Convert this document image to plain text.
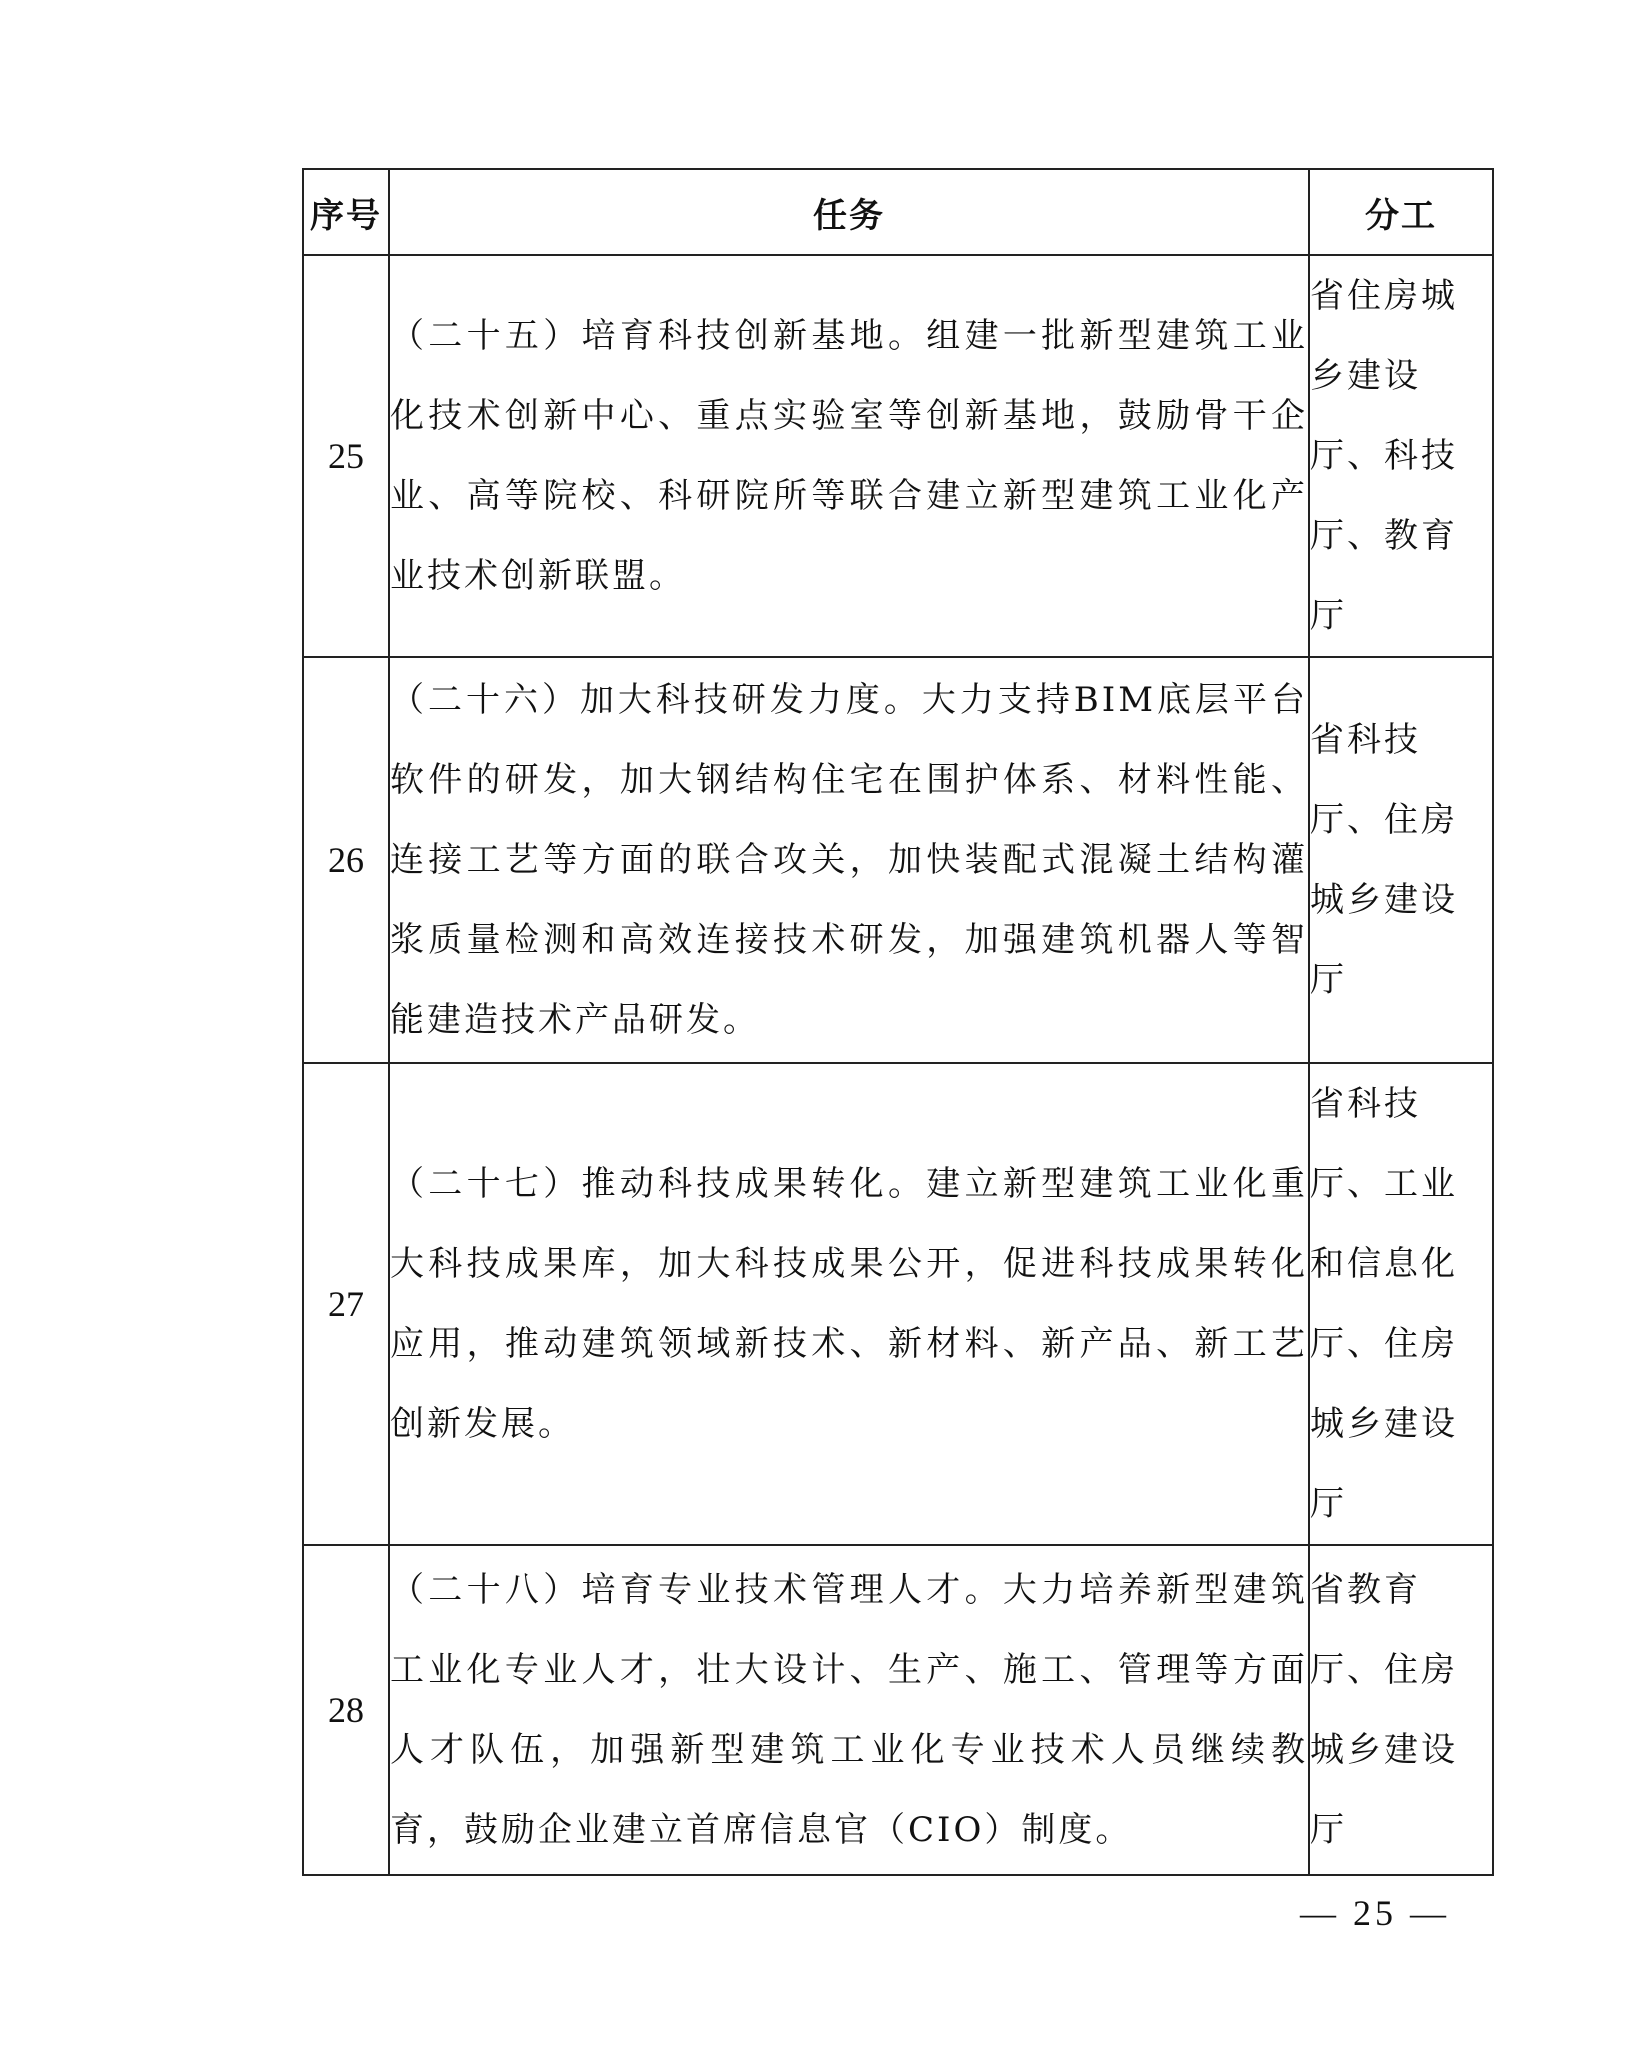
序号	任务	分工
25	（二十五）培育科技创新基地。组建一批新型建筑工业化技术创新中心、重点实验室等创新基地，鼓励骨干企业、高等院校、科研院所等联合建立新型建筑工业化产业技术创新联盟。	省住房城乡建设厅、科技厅、教育厅
26	（二十六）加大科技研发力度。大力支持BIM底层平台软件的研发，加大钢结构住宅在围护体系、材料性能、连接工艺等方面的联合攻关，加快装配式混凝土结构灌浆质量检测和高效连接技术研发，加强建筑机器人等智能建造技术产品研发。	省科技厅、住房城乡建设厅
27	（二十七）推动科技成果转化。建立新型建筑工业化重大科技成果库，加大科技成果公开，促进科技成果转化应用，推动建筑领域新技术、新材料、新产品、新工艺创新发展。	省科技厅、工业和信息化厅、住房城乡建设厅
28	（二十八）培育专业技术管理人才。大力培养新型建筑工业化专业人才，壮大设计、生产、施工、管理等方面人才队伍，加强新型建筑工业化专业技术人员继续教育，鼓励企业建立首席信息官（CIO）制度。	省教育厅、住房城乡建设厅
— 25 —
